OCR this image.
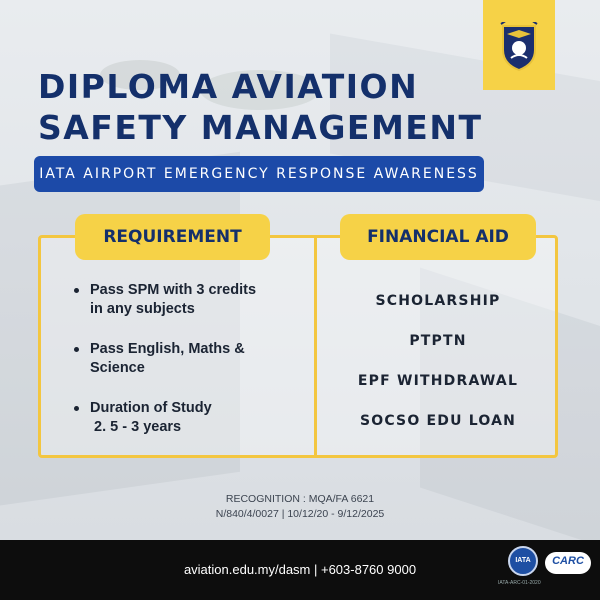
DIPLOMA AVIATION
SAFETY MANAGEMENT
IATA AIRPORT EMERGENCY RESPONSE AWARENESS
REQUIREMENT	FINANCIAL AID
Pass SPM with 3 credits
in any subjects
Pass English, Maths &
Science
Duration of Study
2. 5 - 3 years
SCHOLARSHIP
PTPTN
EPF WITHDRAWAL
SOCSO EDU LOAN
RECOGNITION : MQA/FA 6621
N/840/4/0027 | 10/12/20 - 9/12/2025
aviation.edu.my/dasm | +603-8760 9000
IATA	CARC
IATA-ARC-01-2020
